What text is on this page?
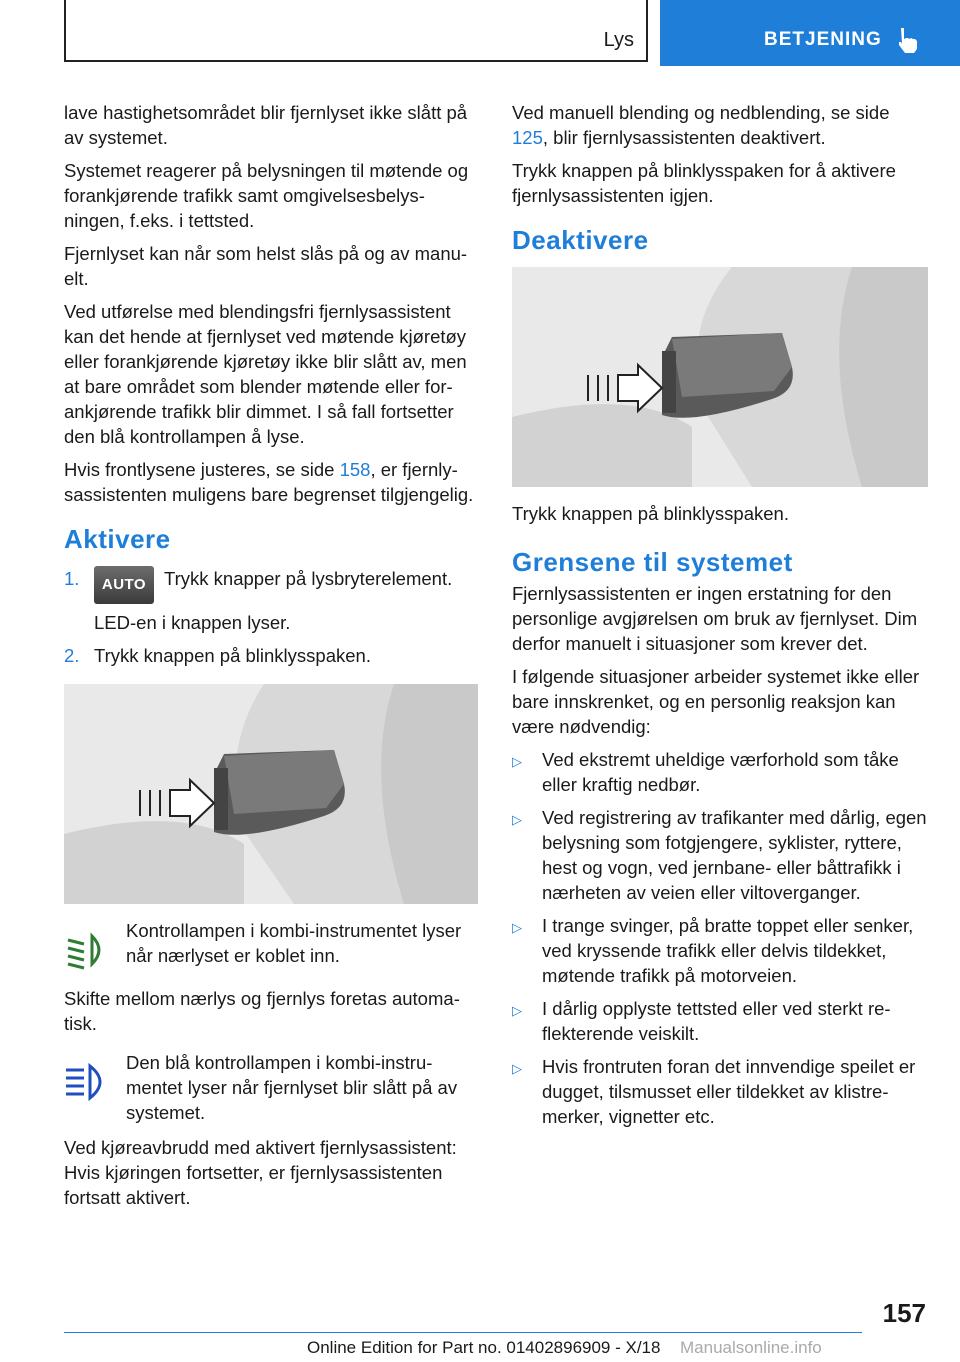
Lys	BETJENING

lave hastighetsområdet blir fjernlyset ikke slått på av systemet.

Systemet reagerer på belysningen til møtende og forankjørende trafikk samt omgivelsesbelysningen, f.eks. i tettsted.

Fjernlyset kan når som helst slås på og av manuelt.

Ved utførelse med blendingsfri fjernlysassistent kan det hende at fjernlyset ved møtende kjøretøy eller forankjørende kjøretøy ikke blir slått av, men at bare området som blender møtende eller forankjørende trafikk blir dimmet. I så fall fortsetter den blå kontrollampen å lyse.

Hvis frontlysene justeres, se side 158, er fjernlysassistenten muligens bare begrenset tilgjengelig.

Aktivere
1.	AUTO Trykk knapper på lysbryterelement.
LED-en i knappen lyser.
2. Trykk knappen på blinklysspaken.
Kontrollampen i kombi-instrumentet lyser når nærlyset er koblet inn.

Skifte mellom nærlys og fjernlys foretas automatisk.

Den blå kontrollampen i kombi-instrumentet lyser når fjernlyset blir slått på av systemet.

Ved kjøreavbrudd med aktivert fjernlysassistent: Hvis kjøringen fortsetter, er fjernlysassistenten fortsatt aktivert.

Ved manuell blending og nedblending, se side 125, blir fjernlysassistenten deaktivert.

Trykk knappen på blinklysspaken for å aktivere fjernlysassistenten igjen.

Deaktivere

Trykk knappen på blinklysspaken.

Grensene til systemet

Fjernlysassistenten er ingen erstatning for den personlige avgjørelsen om bruk av fjernlyset. Dim derfor manuelt i situasjoner som krever det.

I følgende situasjoner arbeider systemet ikke eller bare innskrenket, og en personlig reaksjon kan være nødvendig:

▷	Ved ekstremt uheldige værforhold som tåke eller kraftig nedbør.
▷	Ved registrering av trafikanter med dårlig, egen belysning som fotgjengere, syklister, ryttere, hest og vogn, ved jernbane- eller båttrafikk i nærheten av veien eller viltoverganger.
▷	I trange svinger, på bratte toppet eller senker, ved kryssende trafikk eller delvis tildekket, møtende trafikk på motorveien.
▷	I dårlig opplyste tettsted eller ved sterkt reflekterende veiskilt.
▷	Hvis frontruten foran det innvendige speilet er dugget, tilsmusset eller tildekket av klistremerker, vignetter etc.
157
Online Edition for Part no. 01402896909 - X/18 Manualsonline.info
